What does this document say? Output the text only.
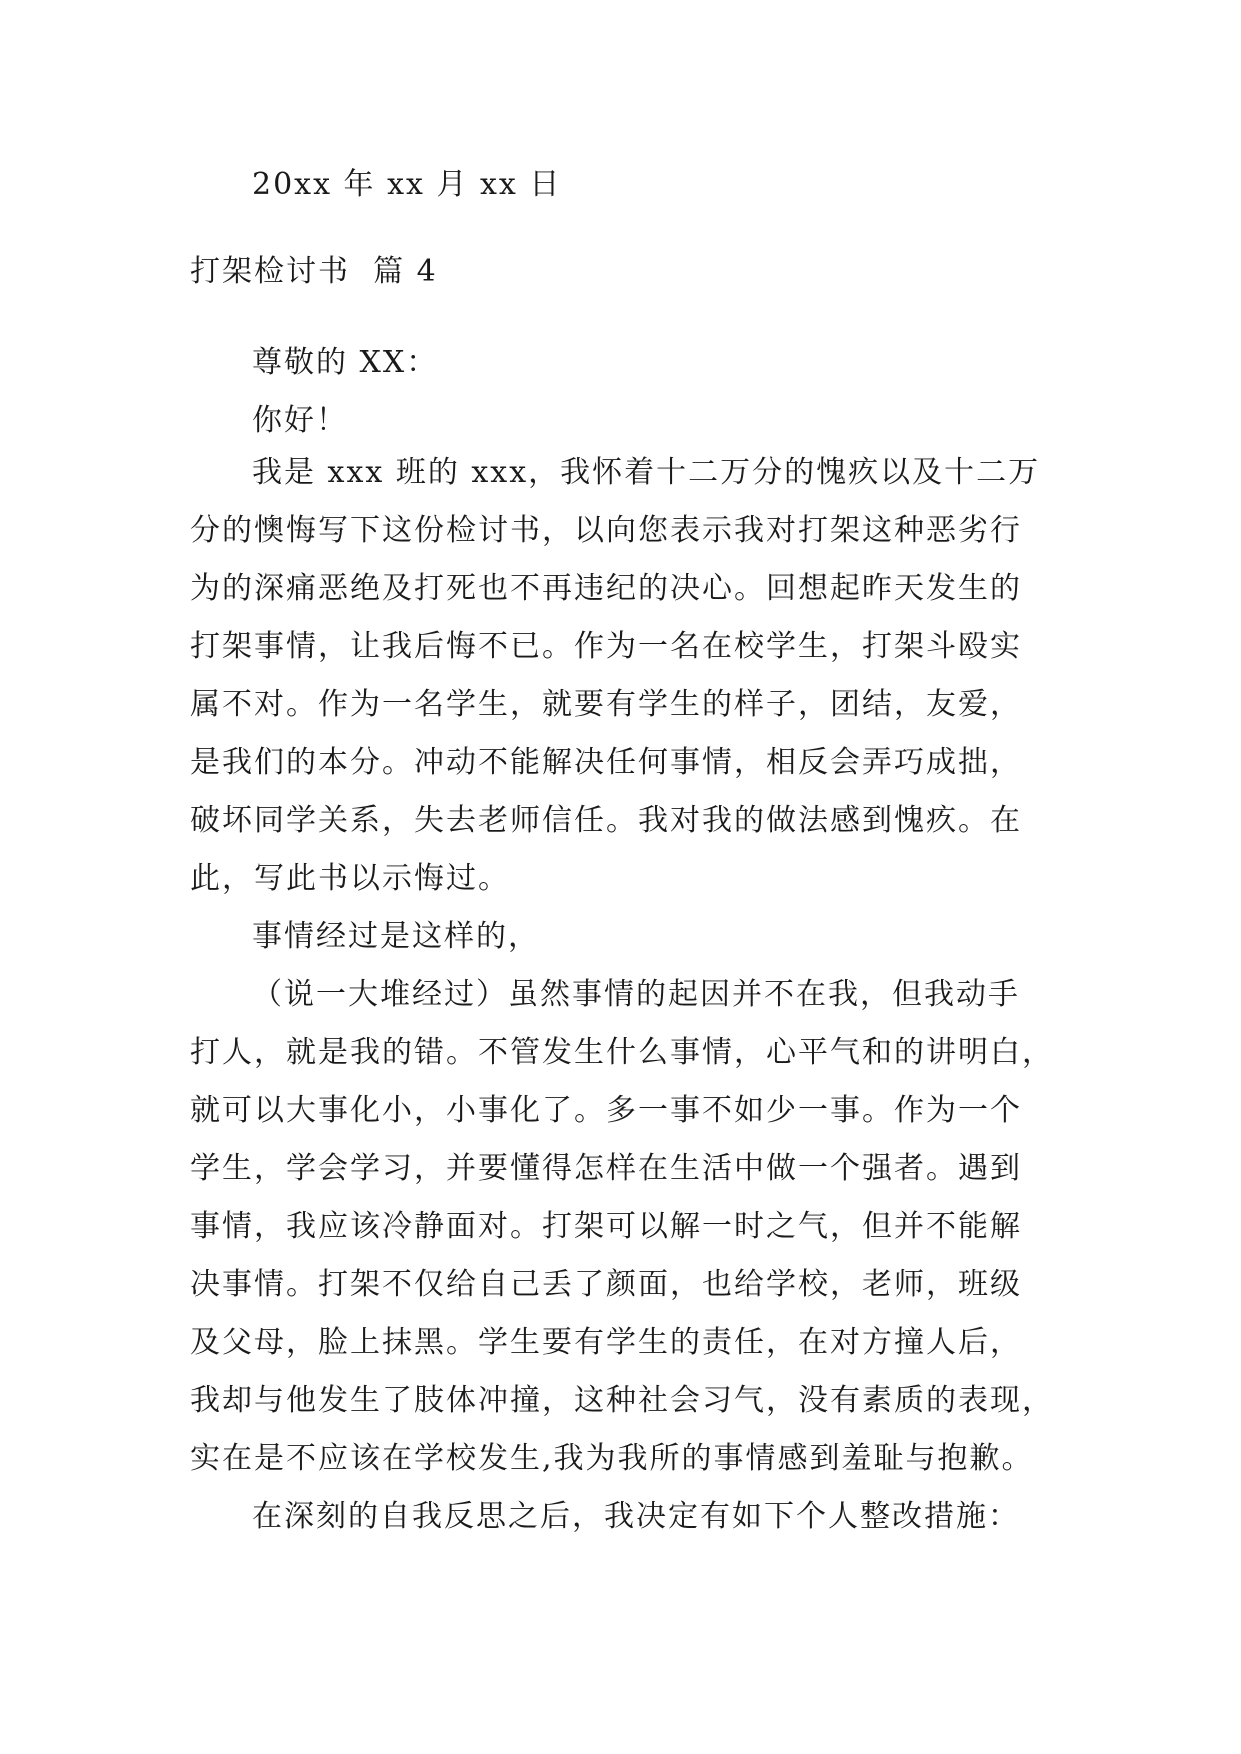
20xx 年 xx 月 xx 日
打架检讨书  篇 4
尊敬的 XX：
你好！
我是 xxx 班的 xxx，我怀着十二万分的愧疚以及十二万
分的懊悔写下这份检讨书，以向您表示我对打架这种恶劣行
为的深痛恶绝及打死也不再违纪的决心。回想起昨天发生的
打架事情，让我后悔不已。作为一名在校学生，打架斗殴实
属不对。作为一名学生，就要有学生的样子，团结，友爱，
是我们的本分。冲动不能解决任何事情，相反会弄巧成拙，
破坏同学关系，失去老师信任。我对我的做法感到愧疚。在
此，写此书以示悔过。
事情经过是这样的，
（说一大堆经过）虽然事情的起因并不在我，但我动手
打人，就是我的错。不管发生什么事情，心平气和的讲明白，
就可以大事化小，小事化了。多一事不如少一事。作为一个
学生，学会学习，并要懂得怎样在生活中做一个强者。遇到
事情，我应该冷静面对。打架可以解一时之气，但并不能解
决事情。打架不仅给自己丢了颜面，也给学校，老师，班级
及父母，脸上抹黑。学生要有学生的责任，在对方撞人后，
我却与他发生了肢体冲撞，这种社会习气，没有素质的表现，
实在是不应该在学校发生,我为我所的事情感到羞耻与抱歉。
在深刻的自我反思之后，我决定有如下个人整改措施：
